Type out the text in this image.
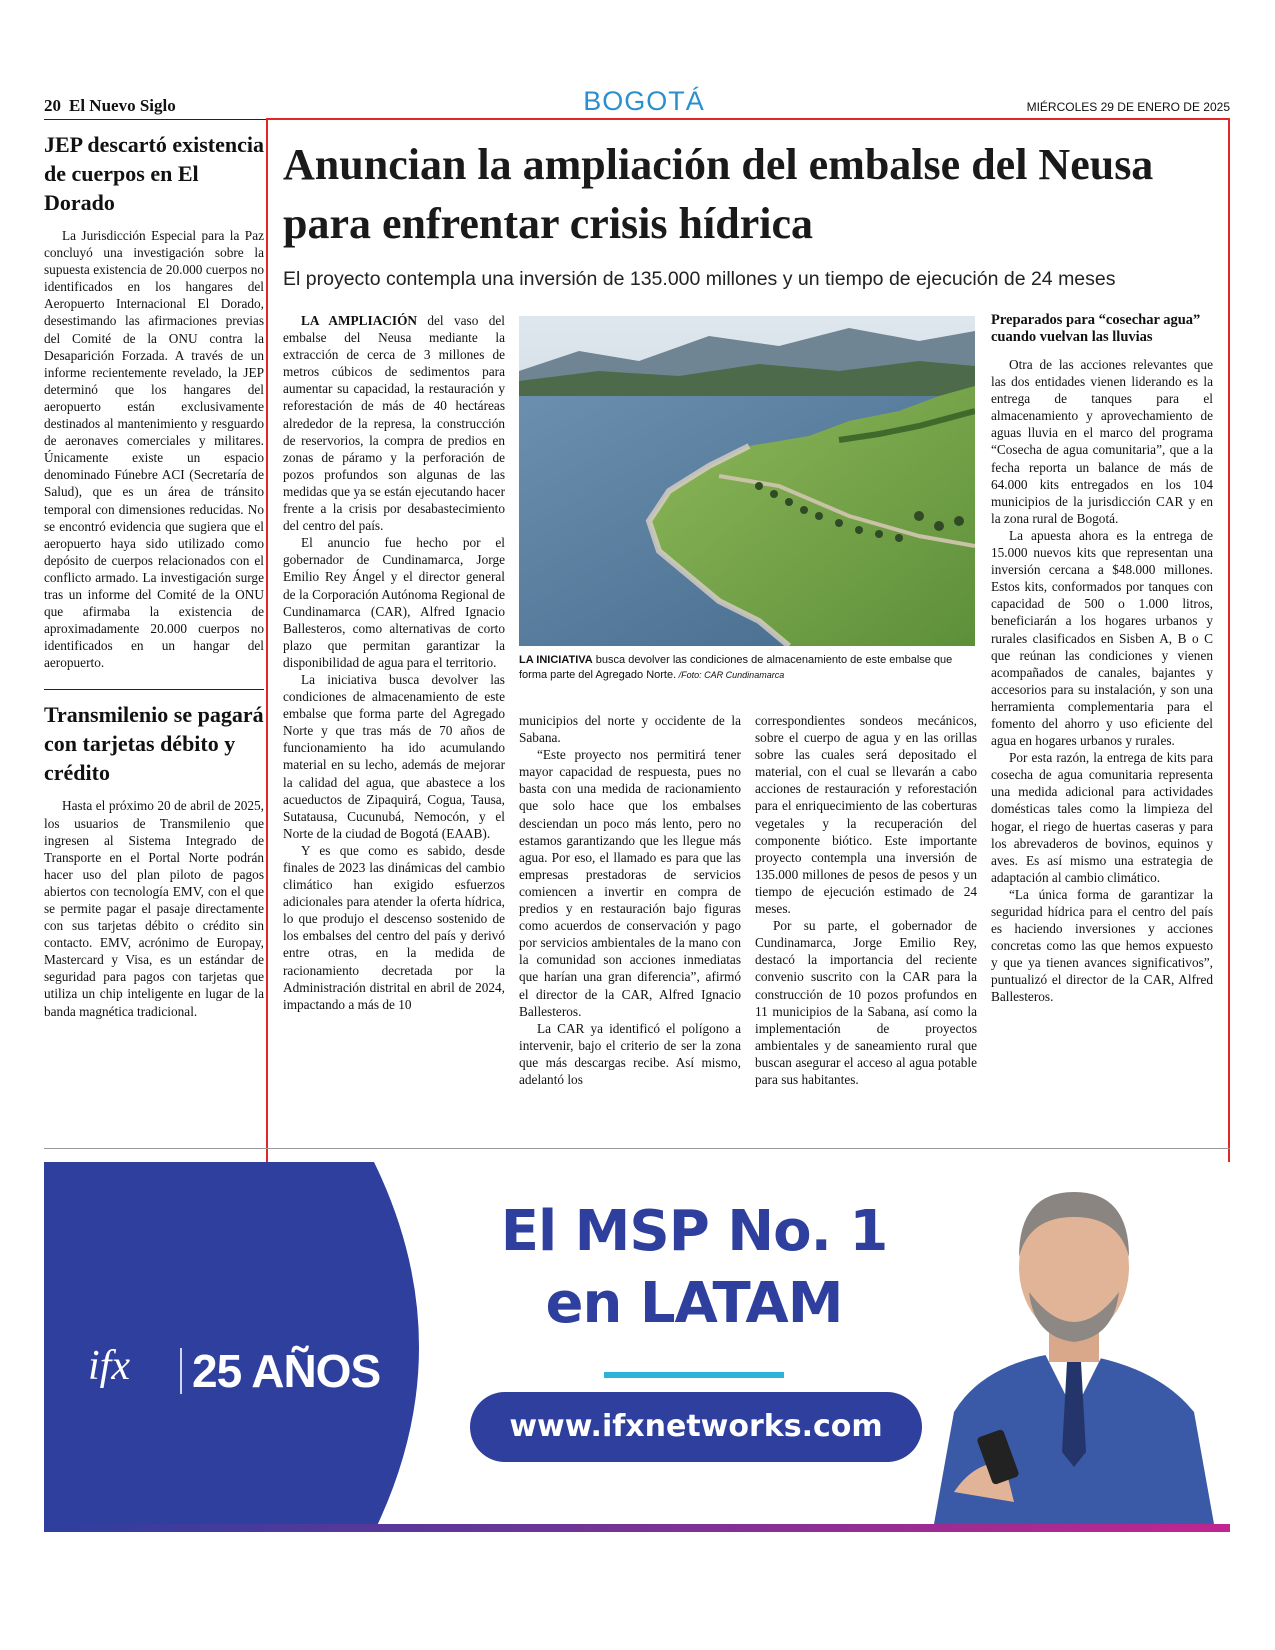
20 El Nuevo Siglo	BOGOTÁ	MIÉRCOLES 29 DE ENERO DE 2025
JEP descartó existencia de cuerpos en El Dorado

La Jurisdicción Especial para la Paz concluyó una investigación sobre la supuesta existencia de 20.000 cuerpos no identificados en los hangares del Aeropuerto Internacional El Dorado, desestimando las afirmaciones previas del Comité de la ONU contra la Desaparición Forzada. A través de un informe recientemente revelado, la JEP determinó que los hangares del aeropuerto están exclusivamente destinados al mantenimiento y resguardo de aeronaves comerciales y militares. Únicamente existe un espacio denominado Fúnebre ACI (Secretaría de Salud), que es un área de tránsito temporal con dimensiones reducidas. No se encontró evidencia que sugiera que el aeropuerto haya sido utilizado como depósito de cuerpos relacionados con el conflicto armado. La investigación surge tras un informe del Comité de la ONU que afirmaba la existencia de aproximadamente 20.000 cuerpos no identificados en un hangar del aeropuerto.

Transmilenio se pagará con tarjetas débito y crédito

Hasta el próximo 20 de abril de 2025, los usuarios de Transmilenio que ingresen al Sistema Integrado de Transporte en el Portal Norte podrán hacer uso del plan piloto de pagos abiertos con tecnología EMV, con el que se permite pagar el pasaje directamente con sus tarjetas débito o crédito sin contacto. EMV, acrónimo de Europay, Mastercard y Visa, es un estándar de seguridad para pagos con tarjetas que utiliza un chip inteligente en lugar de la banda magnética tradicional.

Anuncian la ampliación del embalse del Neusa para enfrentar crisis hídrica
El proyecto contempla una inversión de 135.000 millones y un tiempo de ejecución de 24 meses

LA AMPLIACIÓN del vaso del embalse del Neusa mediante la extracción de cerca de 3 millones de metros cúbicos de sedimentos para aumentar su capacidad, la restauración y reforestación de más de 40 hectáreas alrededor de la represa, la construcción de reservorios, la compra de predios en zonas de páramo y la perforación de pozos profundos son algunas de las medidas que ya se están ejecutando hacer frente a la crisis por desabastecimiento del centro del país.

El anuncio fue hecho por el gobernador de Cundinamarca, Jorge Emilio Rey Ángel y el director general de la Corporación Autónoma Regional de Cundinamarca (CAR), Alfred Ignacio Ballesteros, como alternativas de corto plazo que permitan garantizar la disponibilidad de agua para el territorio.

La iniciativa busca devolver las condiciones de almacenamiento de este embalse que forma parte del Agregado Norte y que tras más de 70 años de funcionamiento ha ido acumulando material en su lecho, además de mejorar la calidad del agua, que abastece a los acueductos de Zipaquirá, Cogua, Tausa, Sutatausa, Cucunubá, Nemocón, y el Norte de la ciudad de Bogotá (EAAB).

Y es que como es sabido, desde finales de 2023 las dinámicas del cambio climático han exigido esfuerzos adicionales para atender la oferta hídrica, lo que produjo el descenso sostenido de los embalses del centro del país y derivó entre otras, en la medida de racionamiento decretada por la Administración distrital en abril de 2024, impactando a más de 10

LA INICIATIVA busca devolver las condiciones de almacenamiento de este embalse que forma parte del Agregado Norte. /Foto: CAR Cundinamarca

municipios del norte y occidente de la Sabana.

“Este proyecto nos permitirá tener mayor capacidad de respuesta, pues no basta con una medida de racionamiento que solo hace que los embalses desciendan un poco más lento, pero no estamos garantizando que les llegue más agua. Por eso, el llamado es para que las empresas prestadoras de servicios comiencen a invertir en compra de predios y en restauración bajo figuras como acuerdos de conservación y pago por servicios ambientales de la mano con la comunidad son acciones inmediatas que harían una gran diferencia”, afirmó el director de la CAR, Alfred Ignacio Ballesteros.

La CAR ya identificó el polígono a intervenir, bajo el criterio de ser la zona que más descargas recibe. Así mismo, adelantó los

correspondientes sondeos mecánicos, sobre el cuerpo de agua y en las orillas sobre las cuales será depositado el material, con el cual se llevarán a cabo acciones de restauración y reforestación para el enriquecimiento de las coberturas vegetales y la recuperación del componente biótico. Este importante proyecto contempla una inversión de 135.000 millones de pesos de pesos y un tiempo de ejecución estimado de 24 meses.

Por su parte, el gobernador de Cundinamarca, Jorge Emilio Rey, destacó la importancia del reciente convenio suscrito con la CAR para la construcción de 10 pozos profundos en 11 municipios de la Sabana, así como la implementación de proyectos ambientales y de saneamiento rural que buscan asegurar el acceso al agua potable para sus habitantes.

Preparados para “cosechar agua” cuando vuelvan las lluvias

Otra de las acciones relevantes que las dos entidades vienen liderando es la entrega de tanques para el almacenamiento y aprovechamiento de aguas lluvia en el marco del programa “Cosecha de agua comunitaria”, que a la fecha reporta un balance de más de 64.000 kits entregados en los 104 municipios de la jurisdicción CAR y en la zona rural de Bogotá.

La apuesta ahora es la entrega de 15.000 nuevos kits que representan una inversión cercana a $48.000 millones. Estos kits, conformados por tanques con capacidad de 500 o 1.000 litros, beneficiarán a los hogares urbanos y rurales clasificados en Sisben A, B o C que reúnan las condiciones y vienen acompañados de canales, bajantes y accesorios para su instalación, y son una herramienta complementaria para el fomento del ahorro y uso eficiente del agua en hogares urbanos y rurales.

Por esta razón, la entrega de kits para cosecha de agua comunitaria representa una medida adicional para actividades domésticas tales como la limpieza del hogar, el riego de huertas caseras y para los abrevaderos de bovinos, equinos y aves. Es así mismo una estrategia de adaptación al cambio climático.

“La única forma de garantizar la seguridad hídrica para el centro del país es haciendo inversiones y acciones concretas como las que hemos expuesto y que ya tienen avances significativos”, puntualizó el director de la CAR, Alfred Ballesteros.

ifx 25 AÑOS
El MSP No. 1
en LATAM
www.ifxnetworks.com
